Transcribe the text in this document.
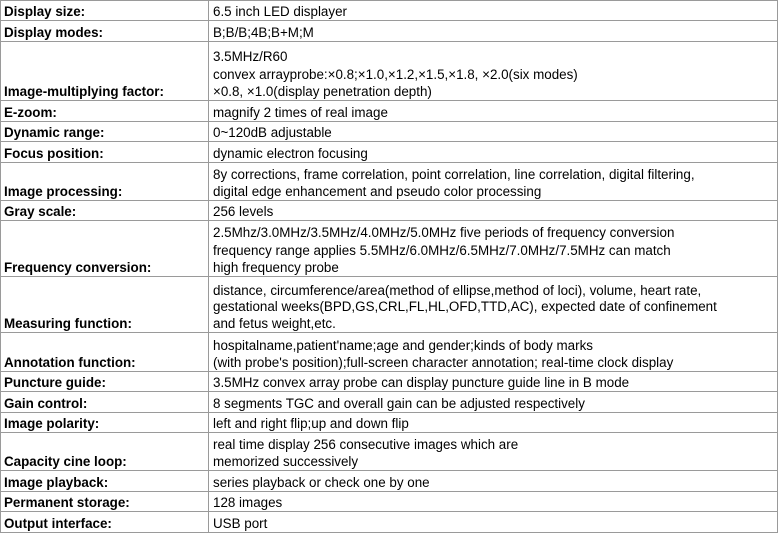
Display size:	6.5 inch LED displayer

Display modes:	B;B/B;4B;B+M;M

Image-multiplying factor:	3.5MHz/R60
convex arrayprobe:×0.8;×1.0,×1.2,×1.5,×1.8, ×2.0(six modes)
×0.8, ×1.0(display penetration depth)

E-zoom:	magnify 2 times of real image

Dynamic range:	0~120dB adjustable

Focus position:	dynamic electron focusing

Image processing:	8y corrections, frame correlation, point correlation, line correlation, digital filtering,
digital edge enhancement and pseudo color processing

Gray scale:	256 levels

Frequency conversion:	2.5Mhz/3.0MHz/3.5MHz/4.0MHz/5.0MHz five periods of frequency conversion
frequency range applies 5.5MHz/6.0MHz/6.5MHz/7.0MHz/7.5MHz can match
high frequency probe

Measuring function:	distance, circumference/area(method of ellipse,method of loci), volume, heart rate,
gestational weeks(BPD,GS,CRL,FL,HL,OFD,TTD,AC), expected date of confinement
and fetus weight,etc.

Annotation function:	hospitalname,patient'name;age and gender;kinds of body marks
(with probe's position);full-screen character annotation; real-time clock display

Puncture guide:	3.5MHz convex array probe can display puncture guide line in B mode

Gain control:	8 segments TGC and overall gain can be adjusted respectively

Image polarity:	left and right flip;up and down flip

Capacity cine loop:	real time display 256 consecutive images which are
memorized successively

Image playback:	series playback or check one by one

Permanent storage:	128 images

Output interface:	USB port
